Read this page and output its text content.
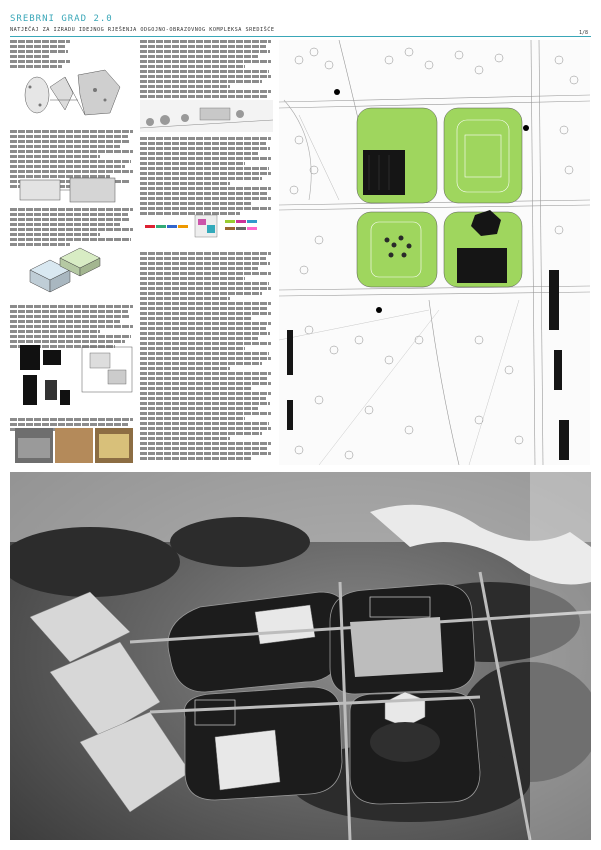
SREBRNI GRAD 2.0
NATJEČAJ ZA IZRADU IDEJNOG RJEŠENJA ODGOJNO-OBRAZOVNOG KOMPLEKSA SREDIŠĆE	1/8
